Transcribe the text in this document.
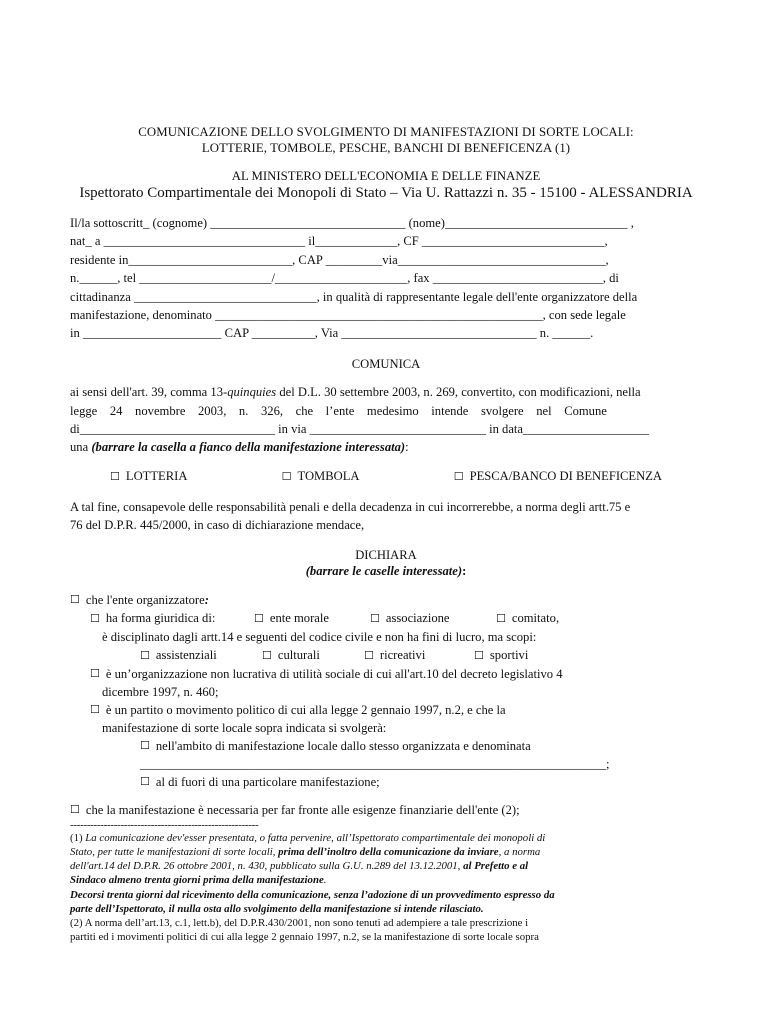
COMUNICAZIONE DELLO SVOLGIMENTO DI MANIFESTAZIONI DI SORTE LOCALI:
LOTTERIE, TOMBOLE, PESCHE, BANCHI DI BENEFICENZA (1)
AL MINISTERO DELL'ECONOMIA E DELLE FINANZE
Ispettorato Compartimentale dei Monopoli di Stato – Via U. Rattazzi n. 35 - 15100 - ALESSANDRIA
Il/la sottoscritt_ (cognome) _______________________________ (nome)_____________________________ ,
nat_ a ________________________________ il_____________, CF _____________________________,
residente in__________________________, CAP _________via_________________________________,
n.______, tel _____________________/_____________________, fax ___________________________, di
cittadinanza _____________________________, in qualità di rappresentante legale dell'ente organizzatore della
manifestazione, denominato ____________________________________________________, con sede legale
in ______________________ CAP __________, Via _______________________________ n. ______.
COMUNICA
ai sensi dell'art. 39, comma 13-quinquies del D.L. 30 settembre 2003, n. 269, convertito, con modificazioni, nella
legge    24    novembre    2003,    n.    326,    che    l’ente    medesimo    intende    svolgere    nel    Comune
di_______________________________ in via ____________________________ in data____________________
una (barrare la casella a fianco della manifestazione interessata):
☐ LOTTERIA	☐ TOMBOLA	☐ PESCA/BANCO DI BENEFICENZA
A tal fine, consapevole delle responsabilità penali e della decadenza in cui incorrerebbe, a norma degli artt.75 e
76 del D.P.R. 445/2000, in caso di dichiarazione mendace,
DICHIARA
(barrare le caselle interessate):
☐ che l'ente organizzatore :
☐ ha forma giuridica di:	☐ ente morale	☐ associazione	☐ comitato,
è disciplinato dagli artt.14 e seguenti del codice civile e non ha fini di lucro, ma scopi:
☐ assistenziali	☐ culturali	☐ ricreativi	☐ sportivi
☐ è un’organizzazione non lucrativa di utilità sociale di cui all'art.10 del decreto legislativo 4
dicembre 1997, n. 460;
☐ è un partito o movimento politico di cui alla legge 2 gennaio 1997, n.2, e che la
manifestazione di sorte locale sopra indicata si svolgerà:
☐ nell'ambito di manifestazione locale dallo stesso organizzata e denominata
__________________________________________________________________________;
☐ al di fuori di una particolare manifestazione;
☐ che la manifestazione è necessaria per far fronte alle esigenze finanziarie dell'ente (2);
--------------------------------------------------------
(1) La comunicazione dev'esser presentata, o fatta pervenire, all’Ispettorato compartimentale dei monopoli di
Stato, per tutte le manifestazioni di sorte locali, prima dell’inoltro della comunicazione da inviare, a norma
dell'art.14 del D.P.R. 26 ottobre 2001, n. 430, pubblicato sulla G.U. n.289 del 13.12.2001, al Prefetto e al
Sindaco almeno trenta giorni prima della manifestazione.
Decorsi trenta giorni dal ricevimento della comunicazione, senza l’adozione di un provvedimento espresso da
parte dell’Ispettorato, il nulla osta allo svolgimento della manifestazione si intende rilasciato.
(2) A norma dell’art.13, c.1, lett.b), del D.P.R.430/2001, non sono tenuti ad adempiere a tale prescrizione i
partiti ed i movimenti politici di cui alla legge 2 gennaio 1997, n.2, se la manifestazione di sorte locale sopra
